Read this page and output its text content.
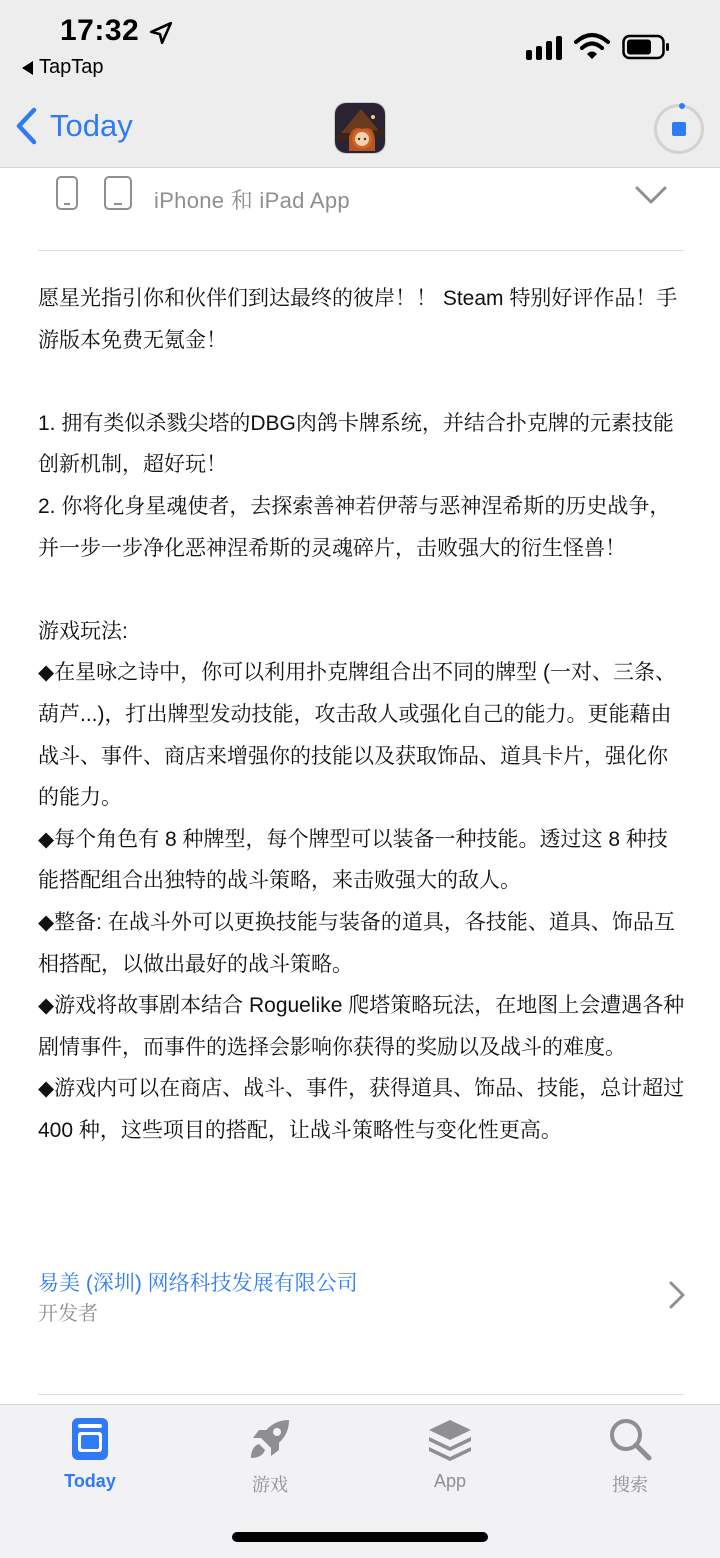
17:32
TapTap
Today
iPhone 和 iPad App

愿星光指引你和伙伴们到达最终的彼岸！！ Steam 特别好评作品！手游版本免费无氪金！

1. 拥有类似杀戮尖塔的DBG肉鸽卡牌系统，并结合扑克牌的元素技能创新机制，超好玩！

2. 你将化身星魂使者，去探索善神若伊蒂与恶神涅希斯的历史战争，并一步一步净化恶神涅希斯的灵魂碎片，击败强大的衍生怪兽！

游戏玩法:

◆在星咏之诗中，你可以利用扑克牌组合出不同的牌型 (一对、三条、葫芦...)，打出牌型发动技能，攻击敌人或强化自己的能力。更能藉由战斗、事件、商店来增强你的技能以及获取饰品、道具卡片，强化你的能力。

◆每个角色有 8 种牌型，每个牌型可以装备一种技能。透过这 8 种技能搭配组合出独特的战斗策略，来击败强大的敌人。

◆整备: 在战斗外可以更换技能与装备的道具，各技能、道具、饰品互相搭配，以做出最好的战斗策略。

◆游戏将故事剧本结合 Roguelike 爬塔策略玩法，在地图上会遭遇各种剧情事件，而事件的选择会影响你获得的奖励以及战斗的难度。

◆游戏内可以在商店、战斗、事件，获得道具、饰品、技能，总计超过 400 种，这些项目的搭配，让战斗策略性与变化性更高。

易美 (深圳) 网络科技发展有限公司
开发者
Today	游戏	App	搜索
